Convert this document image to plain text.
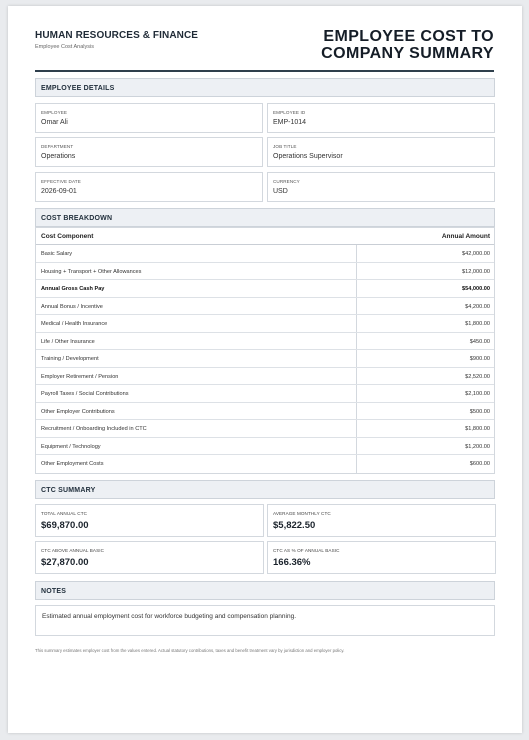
HUMAN RESOURCES & FINANCE
Employee Cost Analysis
EMPLOYEE COST TO
COMPANY SUMMARY
EMPLOYEE DETAILS
EMPLOYEE
Omar Ali
EMPLOYEE ID
EMP-1014
DEPARTMENT
Operations
JOB TITLE
Operations Supervisor
EFFECTIVE DATE
2026-09-01
CURRENCY
USD
COST BREAKDOWN
Cost Component	Annual Amount
Basic Salary	$42,000.00
Housing + Transport + Other Allowances	$12,000.00
Annual Gross Cash Pay	$54,000.00
Annual Bonus / Incentive	$4,200.00
Medical / Health Insurance	$1,800.00
Life / Other Insurance	$450.00
Training / Development	$900.00
Employer Retirement / Pension	$2,520.00
Payroll Taxes / Social Contributions	$2,100.00
Other Employer Contributions	$500.00
Recruitment / Onboarding Included in CTC	$1,800.00
Equipment / Technology	$1,200.00
Other Employment Costs	$600.00
CTC SUMMARY
TOTAL ANNUAL CTC
$69,870.00
AVERAGE MONTHLY CTC
$5,822.50
CTC ABOVE ANNUAL BASIC
$27,870.00
CTC AS % OF ANNUAL BASIC
166.36%
NOTES
Estimated annual employment cost for workforce budgeting and compensation planning.
This summary estimates employer cost from the values entered. Actual statutory contributions, taxes and benefit treatment vary by jurisdiction and employer policy.
